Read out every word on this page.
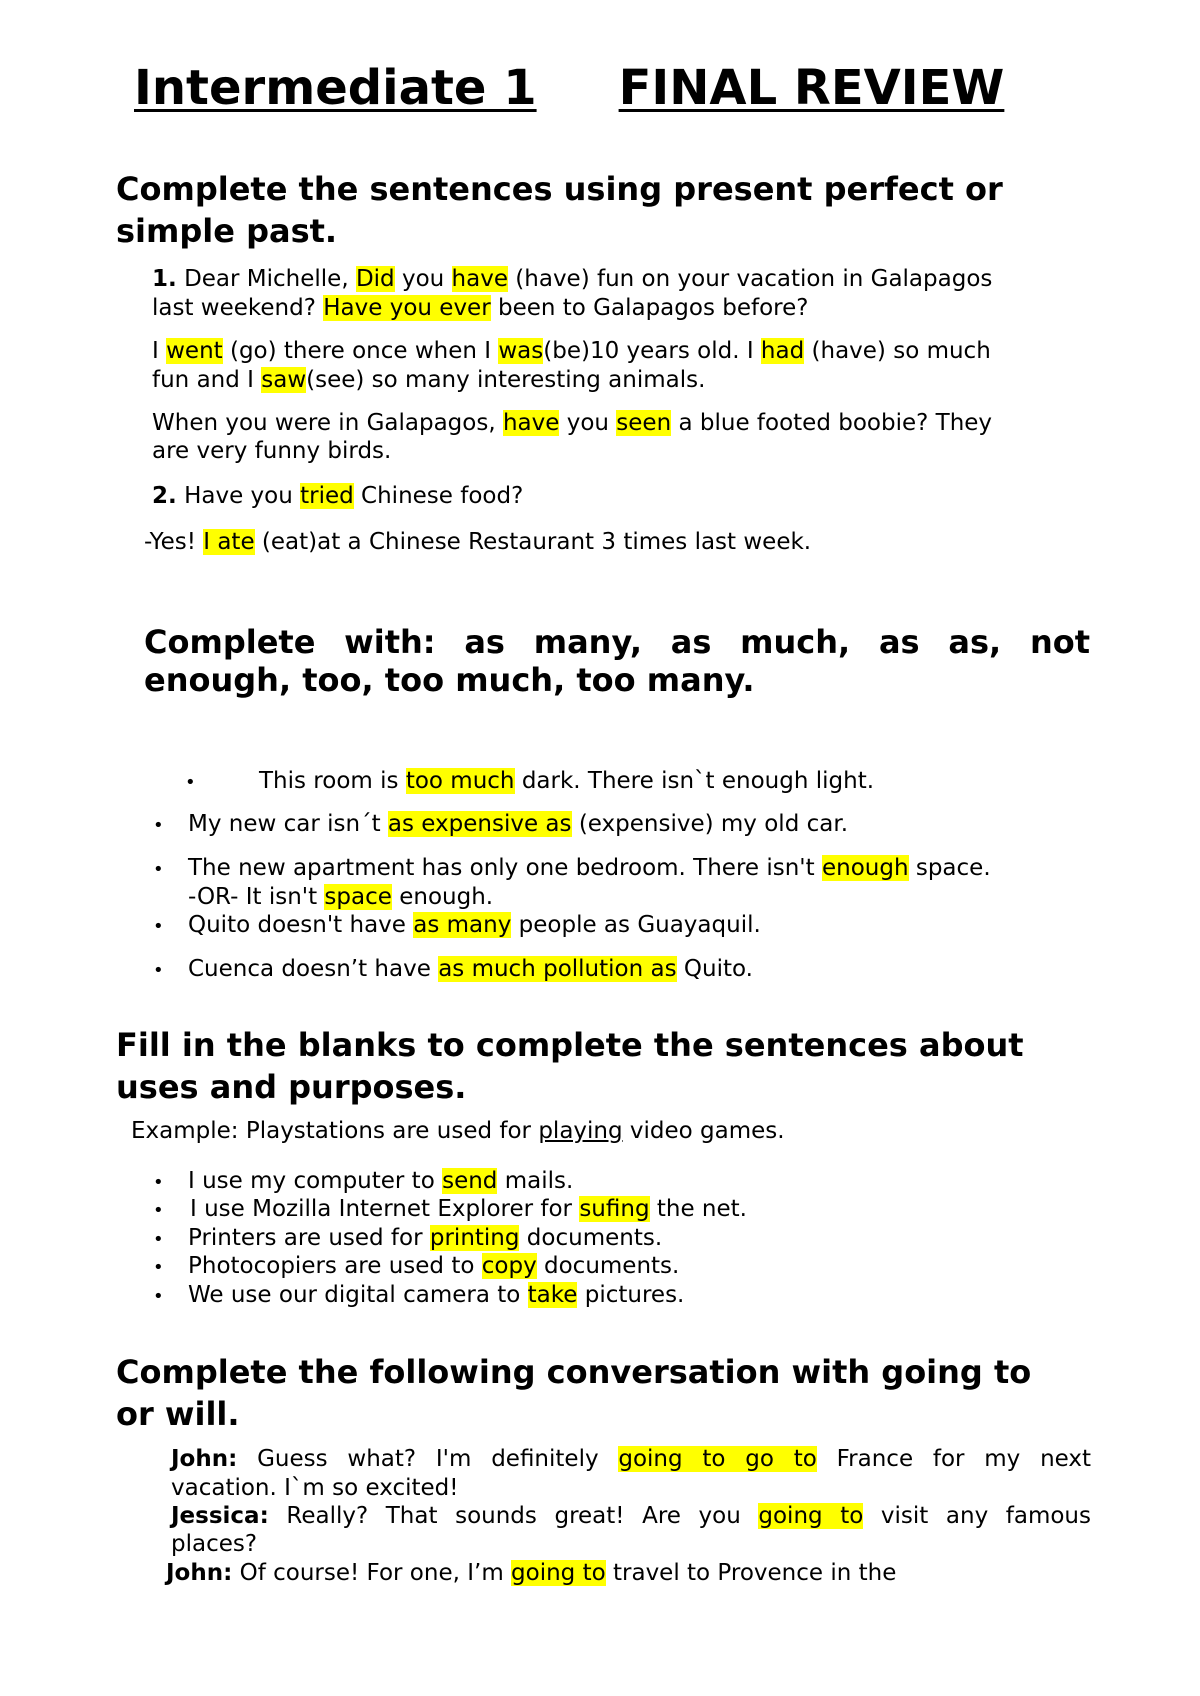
Intermediate 1 FINAL REVIEW
Complete the sentences using present perfect or simple past.
1. Dear Michelle, Did you have (have) fun on your vacation in Galapagos
last weekend? Have you ever been to Galapagos before?
I went (go) there once when I was(be)10 years old. I had (have) so much
fun and I saw(see) so many interesting animals.
When you were in Galapagos, have you seen a blue footed boobie? They
are very funny birds.
2. Have you tried Chinese food?
-Yes! I ate (eat)at a Chinese Restaurant 3 times last week.
Complete with: as many, as much, as as, not
enough, too, too much, too many.
•	This room is too much dark. There isn`t enough light.
• My new car isn´t as expensive as (expensive) my old car.
• The new apartment has only one bedroom. There isn't enough space.
-OR- It isn't space enough.
• Quito doesn't have as many people as Guayaquil.
• Cuenca doesn’t have as much pollution as Quito.
Fill in the blanks to complete the sentences about uses and purposes.
Example: Playstations are used for playing video games.
• I use my computer to send mails.
• I use Mozilla Internet Explorer for sufing the net.
• Printers are used for printing documents.
• Photocopiers are used to copy documents.
• We use our digital camera to take pictures.
Complete the following conversation with going to or will.
John: Guess what? I'm definitely going to go to France for my next
vacation. I`m so excited!
Jessica: Really? That sounds great! Are you going to visit any famous
places?
John: Of course! For one, I’m going to travel to Provence in the
